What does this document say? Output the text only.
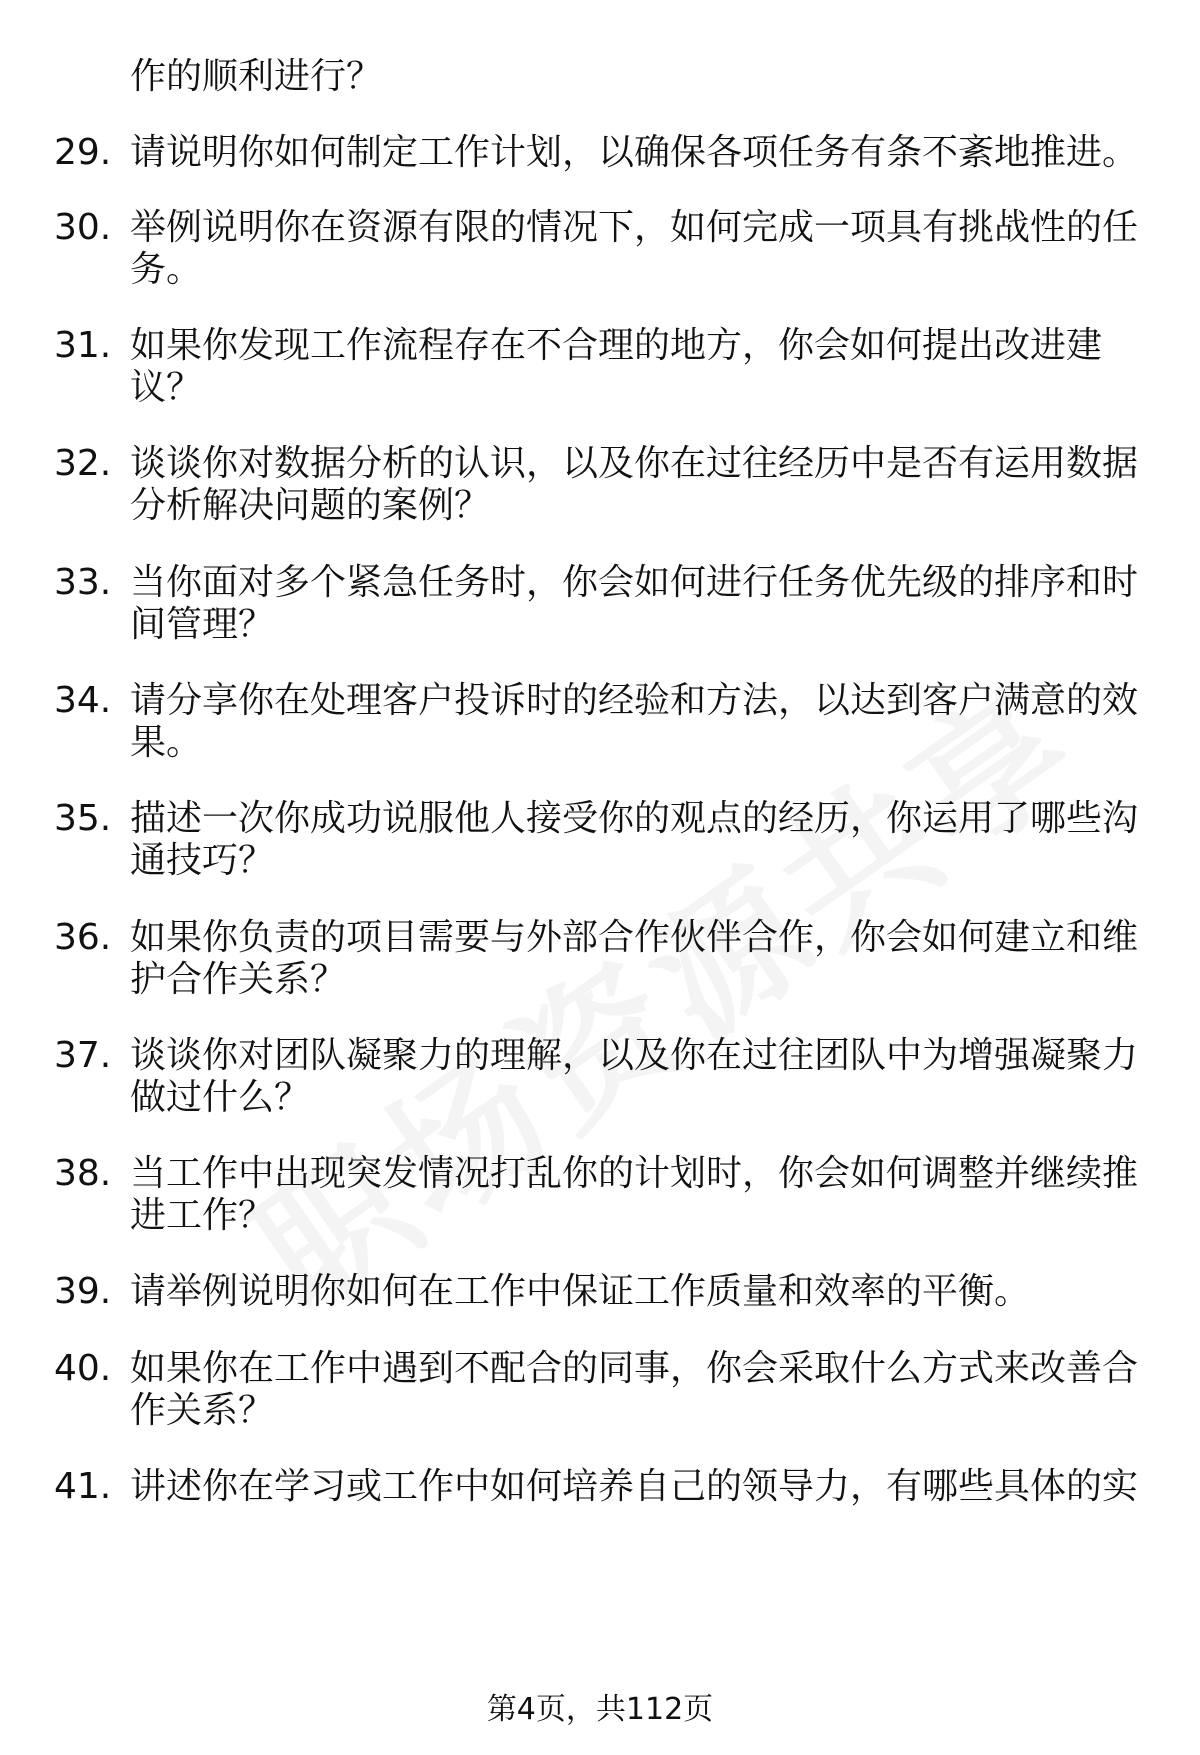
作的顺利进行？
29. 请说明你如何制定工作计划，以确保各项任务有条不紊地推进。
30. 举例说明你在资源有限的情况下，如何完成一项具有挑战性的任
务。
31. 如果你发现工作流程存在不合理的地方，你会如何提出改进建
议？
32. 谈谈你对数据分析的认识，以及你在过往经历中是否有运用数据
分析解决问题的案例？
33. 当你面对多个紧急任务时，你会如何进行任务优先级的排序和时
间管理？
34. 请分享你在处理客户投诉时的经验和方法，以达到客户满意的效
果。
35. 描述一次你成功说服他人接受你的观点的经历，你运用了哪些沟
通技巧？
36. 如果你负责的项目需要与外部合作伙伴合作，你会如何建立和维
护合作关系？
37. 谈谈你对团队凝聚力的理解，以及你在过往团队中为增强凝聚力
做过什么？
38. 当工作中出现突发情况打乱你的计划时，你会如何调整并继续推
进工作？
39. 请举例说明你如何在工作中保证工作质量和效率的平衡。
40. 如果你在工作中遇到不配合的同事，你会采取什么方式来改善合
作关系？
41. 讲述你在学习或工作中如何培养自己的领导力，有哪些具体的实
第4页，共112页
